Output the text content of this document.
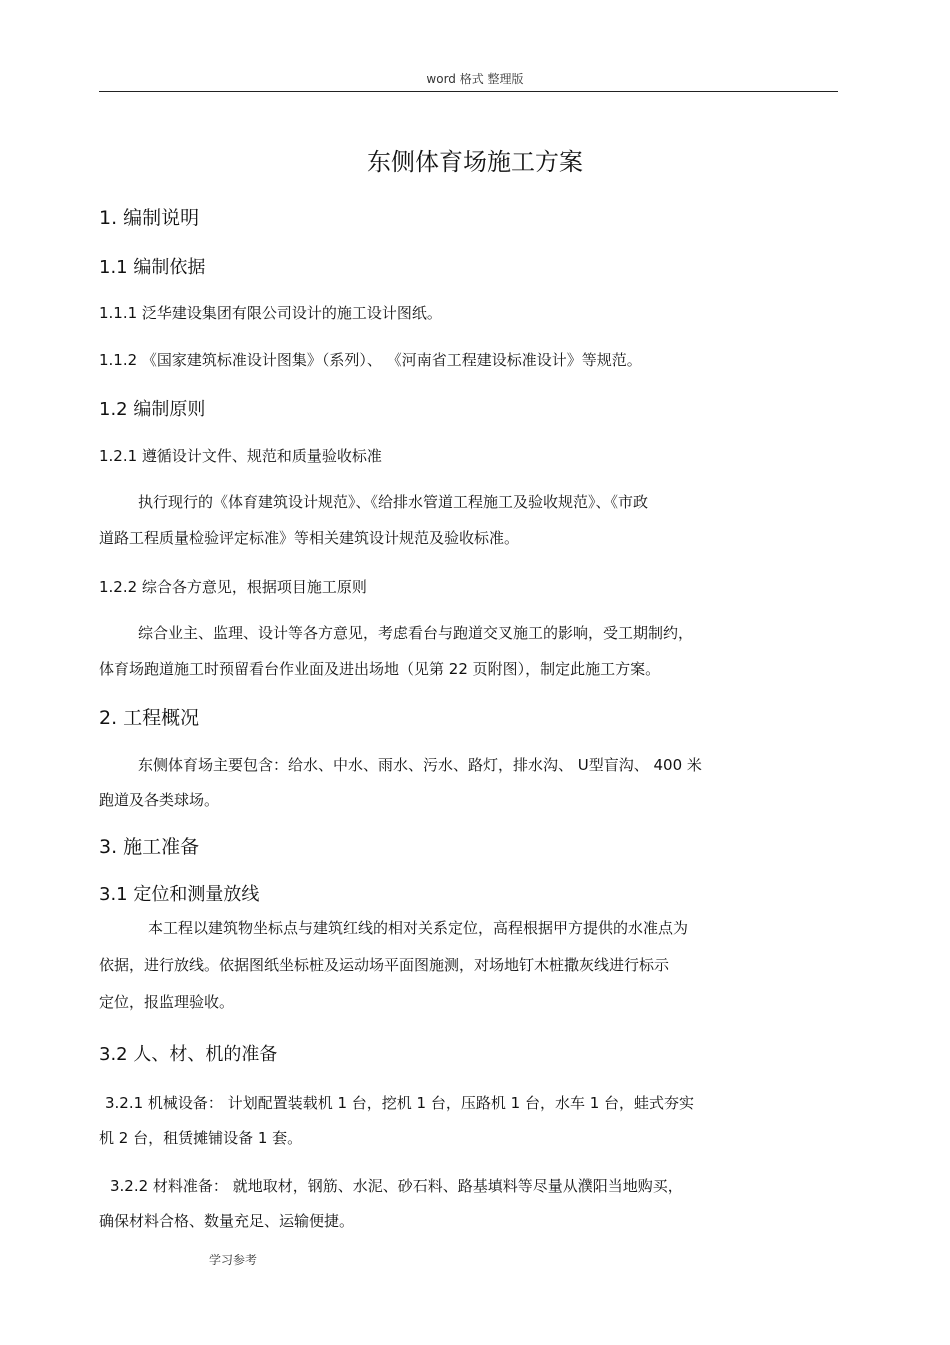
word 格式 整理版
东侧体育场施工方案
1. 编制说明
1.1 编制依据
1.1.1 泛华建设集团有限公司设计的施工设计图纸。
1.1.2 《国家建筑标准设计图集》（系列）、 《河南省工程建设标准设计》等规范。
1.2 编制原则
1.2.1 遵循设计文件、规范和质量验收标准
执行现行的《体育建筑设计规范》、《给排水管道工程施工及验收规范》、《市政
道路工程质量检验评定标准》等相关建筑设计规范及验收标准。
1.2.2 综合各方意见，根据项目施工原则
综合业主、监理、设计等各方意见，考虑看台与跑道交叉施工的影响，受工期制约，
体育场跑道施工时预留看台作业面及进出场地（见第 22 页附图），制定此施工方案。
2. 工程概况
东侧体育场主要包含：给水、中水、雨水、污水、路灯，排水沟、 U型盲沟、 400 米
跑道及各类球场。
3. 施工准备
3.1 定位和测量放线
本工程以建筑物坐标点与建筑红线的相对关系定位，高程根据甲方提供的水准点为
依据，进行放线。依据图纸坐标桩及运动场平面图施测，对场地钉木桩撒灰线进行标示
定位，报监理验收。
3.2 人、材、机的准备
3.2.1 机械设备： 计划配置装载机 1 台，挖机 1 台，压路机 1 台，水车 1 台，蛙式夯实
机 2 台，租赁摊铺设备 1 套。
3.2.2 材料准备： 就地取材，钢筋、水泥、砂石料、路基填料等尽量从濮阳当地购买，
确保材料合格、数量充足、运输便捷。
学习参考
